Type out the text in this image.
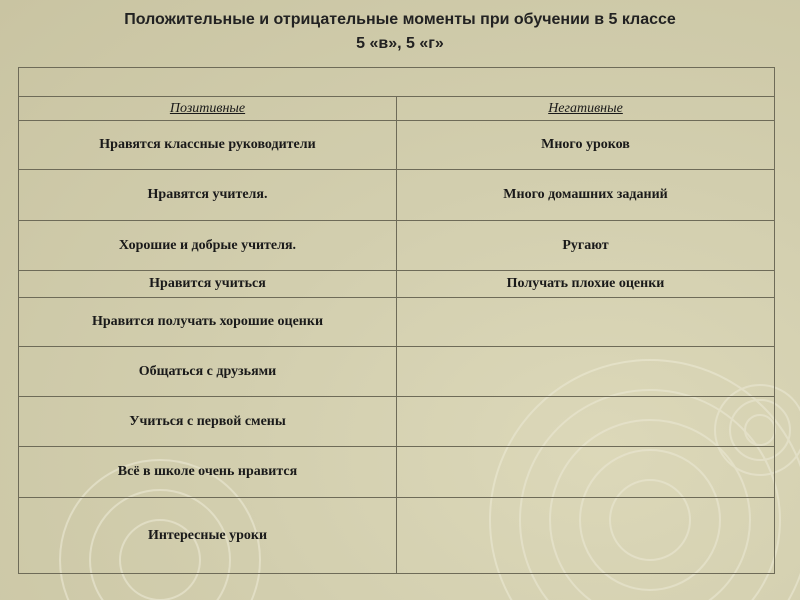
Положительные и отрицательные моменты при обучении в 5 классе
5 «в», 5 «г»

Позитивные	Негативные
Нравятся классные руководители	Много уроков
Нравятся учителя.	Много домашних заданий
Хорошие и добрые учителя.	Ругают
Нравится учиться	Получать плохие оценки
Нравится получать хорошие оценки	
Общаться с друзьями	
Учиться с первой смены	
Всё в школе очень нравится	
Интересные уроки	
